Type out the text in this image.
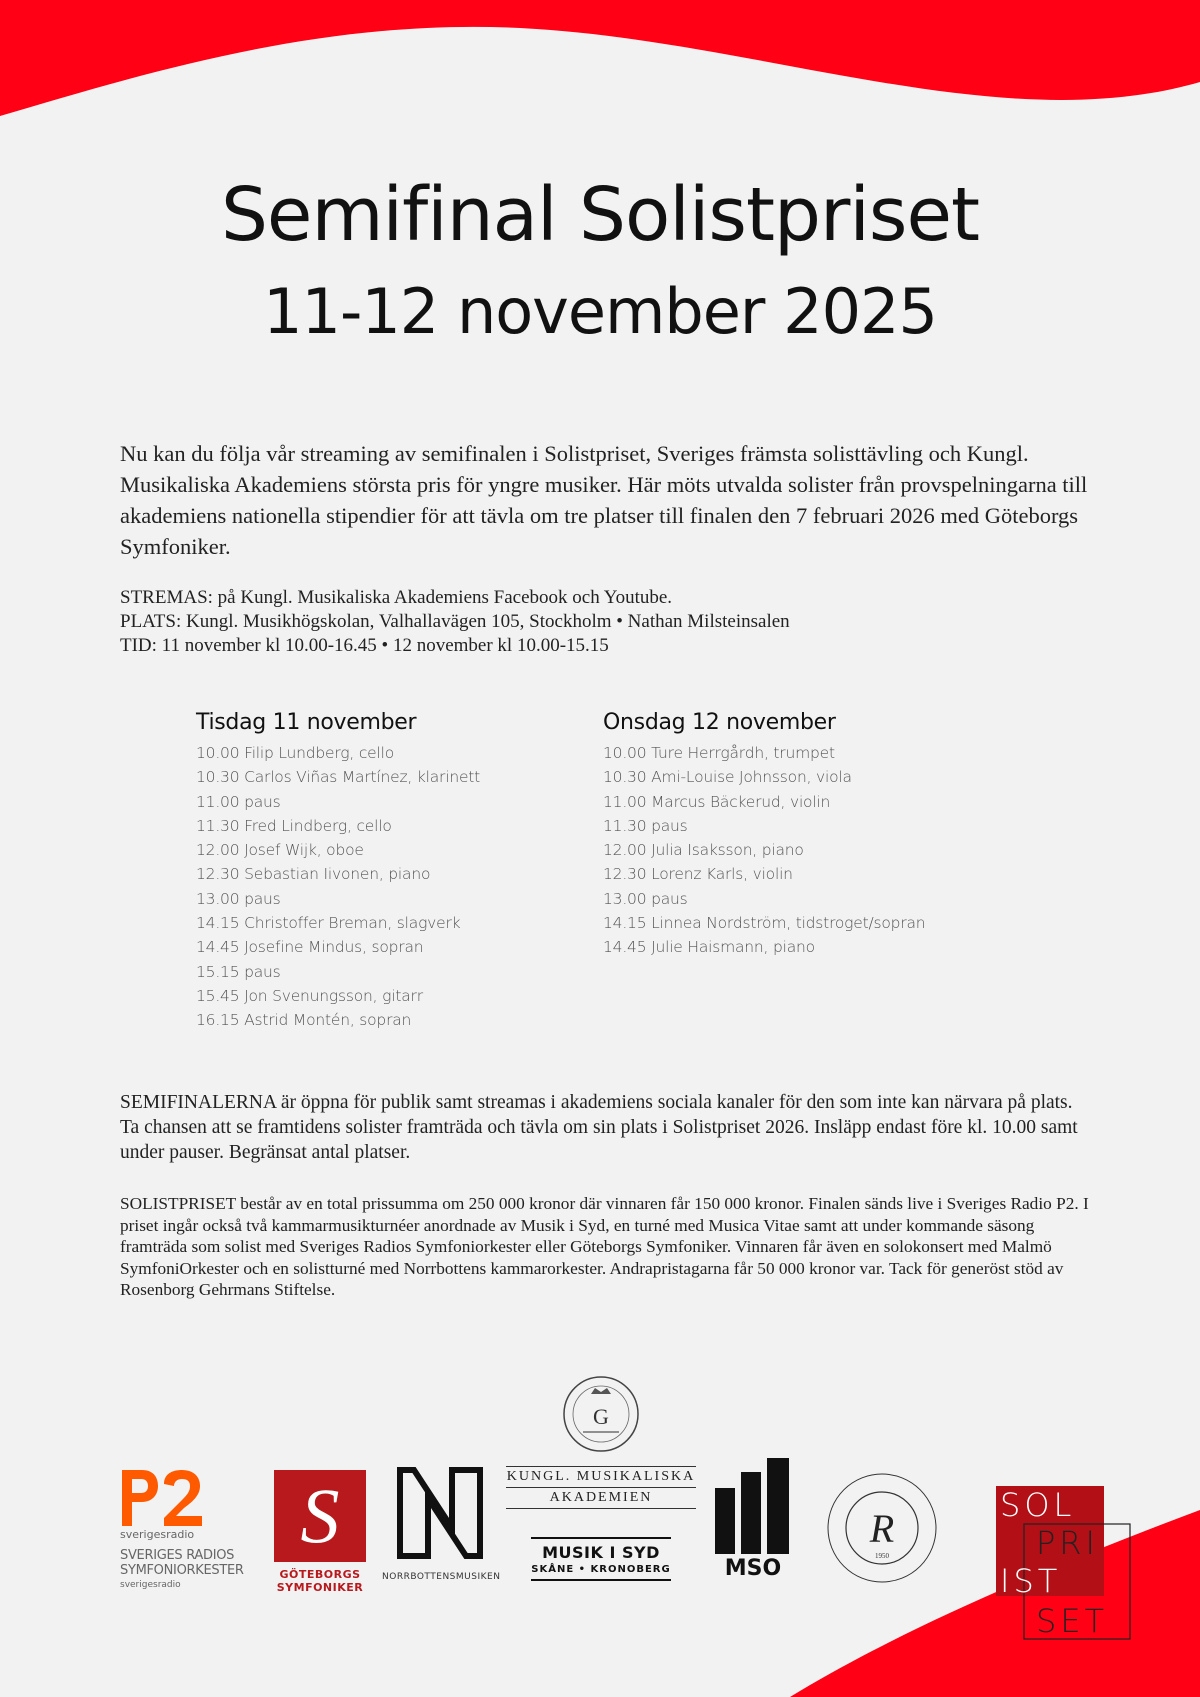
Semifinal Solistpriset
11-12 november 2025

Nu kan du följa vår streaming av semifinalen i Solistpriset, Sveriges främsta solisttävling och Kungl. Musikaliska Akademiens största pris för yngre musiker. Här möts utvalda solister från provspelningarna till akademiens nationella stipendier för att tävla om tre platser till finalen den 7 februari 2026 med Göteborgs Symfoniker.

STREMAS: på Kungl. Musikaliska Akademiens Facebook och Youtube.
PLATS: Kungl. Musikhögskolan, Valhallavägen 105, Stockholm • Nathan Milsteinsalen
TID: 11 november kl 10.00-16.45 • 12 november kl 10.00-15.15
Tisdag 11 november
10.00 Filip Lundberg, cello
10.30 Carlos Viñas Martínez, klarinett
11.00 paus
11.30 Fred Lindberg, cello
12.00 Josef Wijk, oboe
12.30 Sebastian Iivonen, piano
13.00 paus
14.15 Christoffer Breman, slagverk
14.45 Josefine Mindus, sopran
15.15 paus
15.45 Jon Svenungsson, gitarr
16.15 Astrid Montén, sopran
Onsdag 12 november
10.00 Ture Herrgårdh, trumpet
10.30 Ami-Louise Johnsson, viola
11.00 Marcus Bäckerud, violin
11.30 paus
12.00 Julia Isaksson, piano
12.30 Lorenz Karls, violin
13.00 paus
14.15 Linnea Nordström, tidstroget/sopran
14.45 Julie Haismann, piano

SEMIFINALERNA är öppna för publik samt streamas i akademiens sociala kanaler för den som inte kan närvara på plats. Ta chansen att se framtidens solister framträda och tävla om sin plats i Solistpriset 2026. Insläpp endast före kl. 10.00 samt under pauser. Begränsat antal platser.

SOLISTPRISET består av en total prissumma om 250 000 kronor där vinnaren får 150 000 kronor. Finalen sänds live i Sveriges Radio P2. I priset ingår också två kammarmusikturnéer anordnade av Musik i Syd, en turné med Musica Vitae samt att under kommande säsong framträda som solist med Sveriges Radios Symfoniorkester eller Göteborgs Symfoniker. Vinnaren får även en solokonsert med Malmö SymfoniOrkester och en solistturné med Norrbottens kammarorkester. Andrapristagarna får 50 000 kronor var. Tack för generöst stöd av Rosenborg Gehrmans Stiftelse.

sverigesradio
SVERIGES RADIOS
SYMFONIORKESTER
sverigesradio
S
GÖTEBORGS
SYMFONIKER
NORRBOTTENSMUSIKEN
G
KUNGL. MUSIKALISKA
AKADEMIEN
MUSIK I SYD
SKÅNE • KRONOBERG MSO
R
1950
SOL
PRI
IST
SET
